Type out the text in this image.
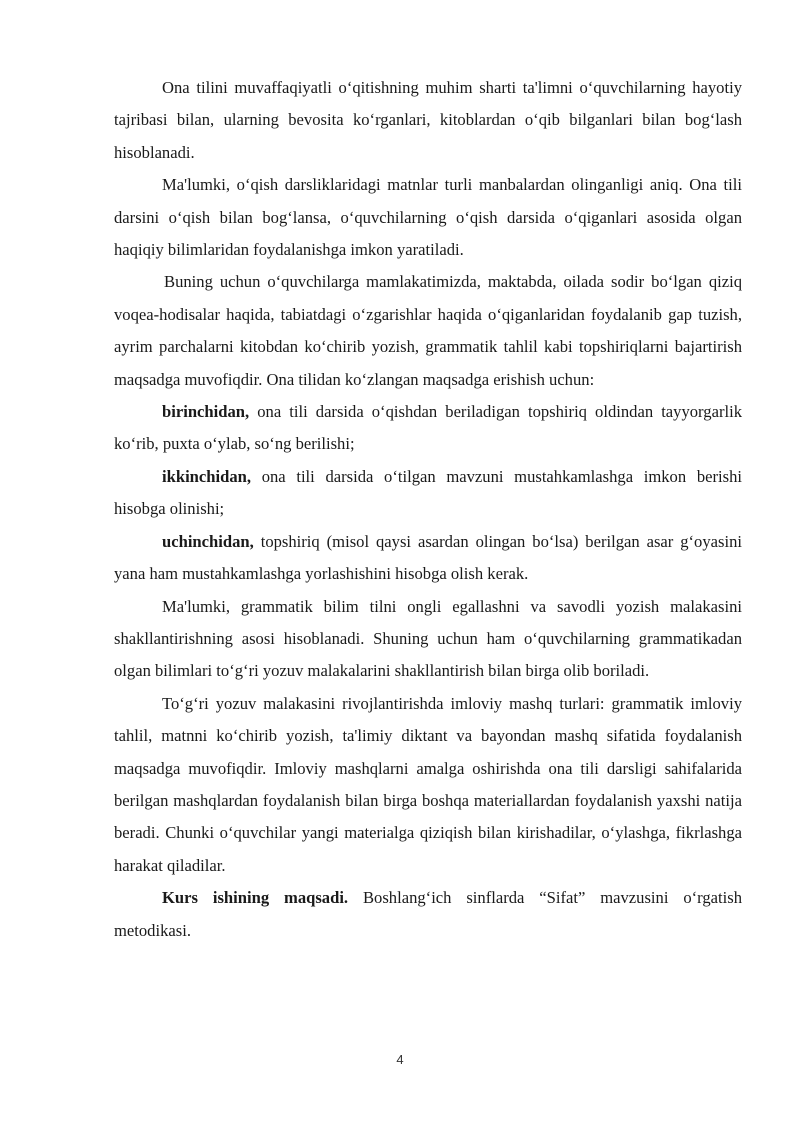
Ona tilini muvaffaqiyatli o‘qitishning muhim sharti ta'limni o‘quvchilarning hayotiy tajribasi bilan, ularning bevosita ko‘rganlari, kitoblardan o‘qib bilganlari bilan bog‘lash hisoblanadi.

Ma'lumki, o‘qish darsliklaridagi matnlar turli manbalardan olinganligi aniq. Ona tili darsini o‘qish bilan bog‘lansa, o‘quvchilarning o‘qish darsida o‘qiganlari asosida olgan haqiqiy bilimlaridan foydalanishga imkon yaratiladi.

Buning uchun o‘quvchilarga mamlakatimizda, maktabda, oilada sodir bo‘lgan qiziq voqea-hodisalar haqida, tabiatdagi o‘zgarishlar haqida o‘qiganlaridan foydalanib gap tuzish, ayrim parchalarni kitobdan ko‘chirib yozish, grammatik tahlil kabi topshiriqlarni bajartirish maqsadga muvofiqdir. Ona tilidan ko‘zlangan maqsadga erishish uchun:

birinchidan, ona tili darsida o‘qishdan beriladigan topshiriq oldindan tayyorgarlik ko‘rib, puxta o‘ylab, so‘ng berilishi;

ikkinchidan, ona tili darsida o‘tilgan mavzuni mustahkamlashga imkon berishi hisobga olinishi;

uchinchidan, topshiriq (misol qaysi asardan olingan bo‘lsa) berilgan asar g‘oyasini yana ham mustahkamlashga yorlashishini hisobga olish kerak.

Ma'lumki, grammatik bilim tilni ongli egallashni va savodli yozish malakasini shakllantirishning asosi hisoblanadi. Shuning uchun ham o‘quvchilarning grammatikadan olgan bilimlari to‘g‘ri yozuv malakalarini shakllantirish bilan birga olib boriladi.

To‘g‘ri yozuv malakasini rivojlantirishda imloviy mashq turlari: grammatik imloviy tahlil, matnni ko‘chirib yozish, ta'limiy diktant va bayondan mashq sifatida foydalanish maqsadga muvofiqdir. Imloviy mashqlarni amalga oshirishda ona tili darsligi sahifalarida berilgan mashqlardan foydalanish bilan birga boshqa materiallardan foydalanish yaxshi natija beradi. Chunki o‘quvchilar yangi materialga qiziqish bilan kirishadilar, o‘ylashga, fikrlashga harakat qiladilar.

Kurs ishining maqsadi. Boshlang‘ich sinflarda “Sifat” mavzusini o‘rgatish metodikasi.

4
